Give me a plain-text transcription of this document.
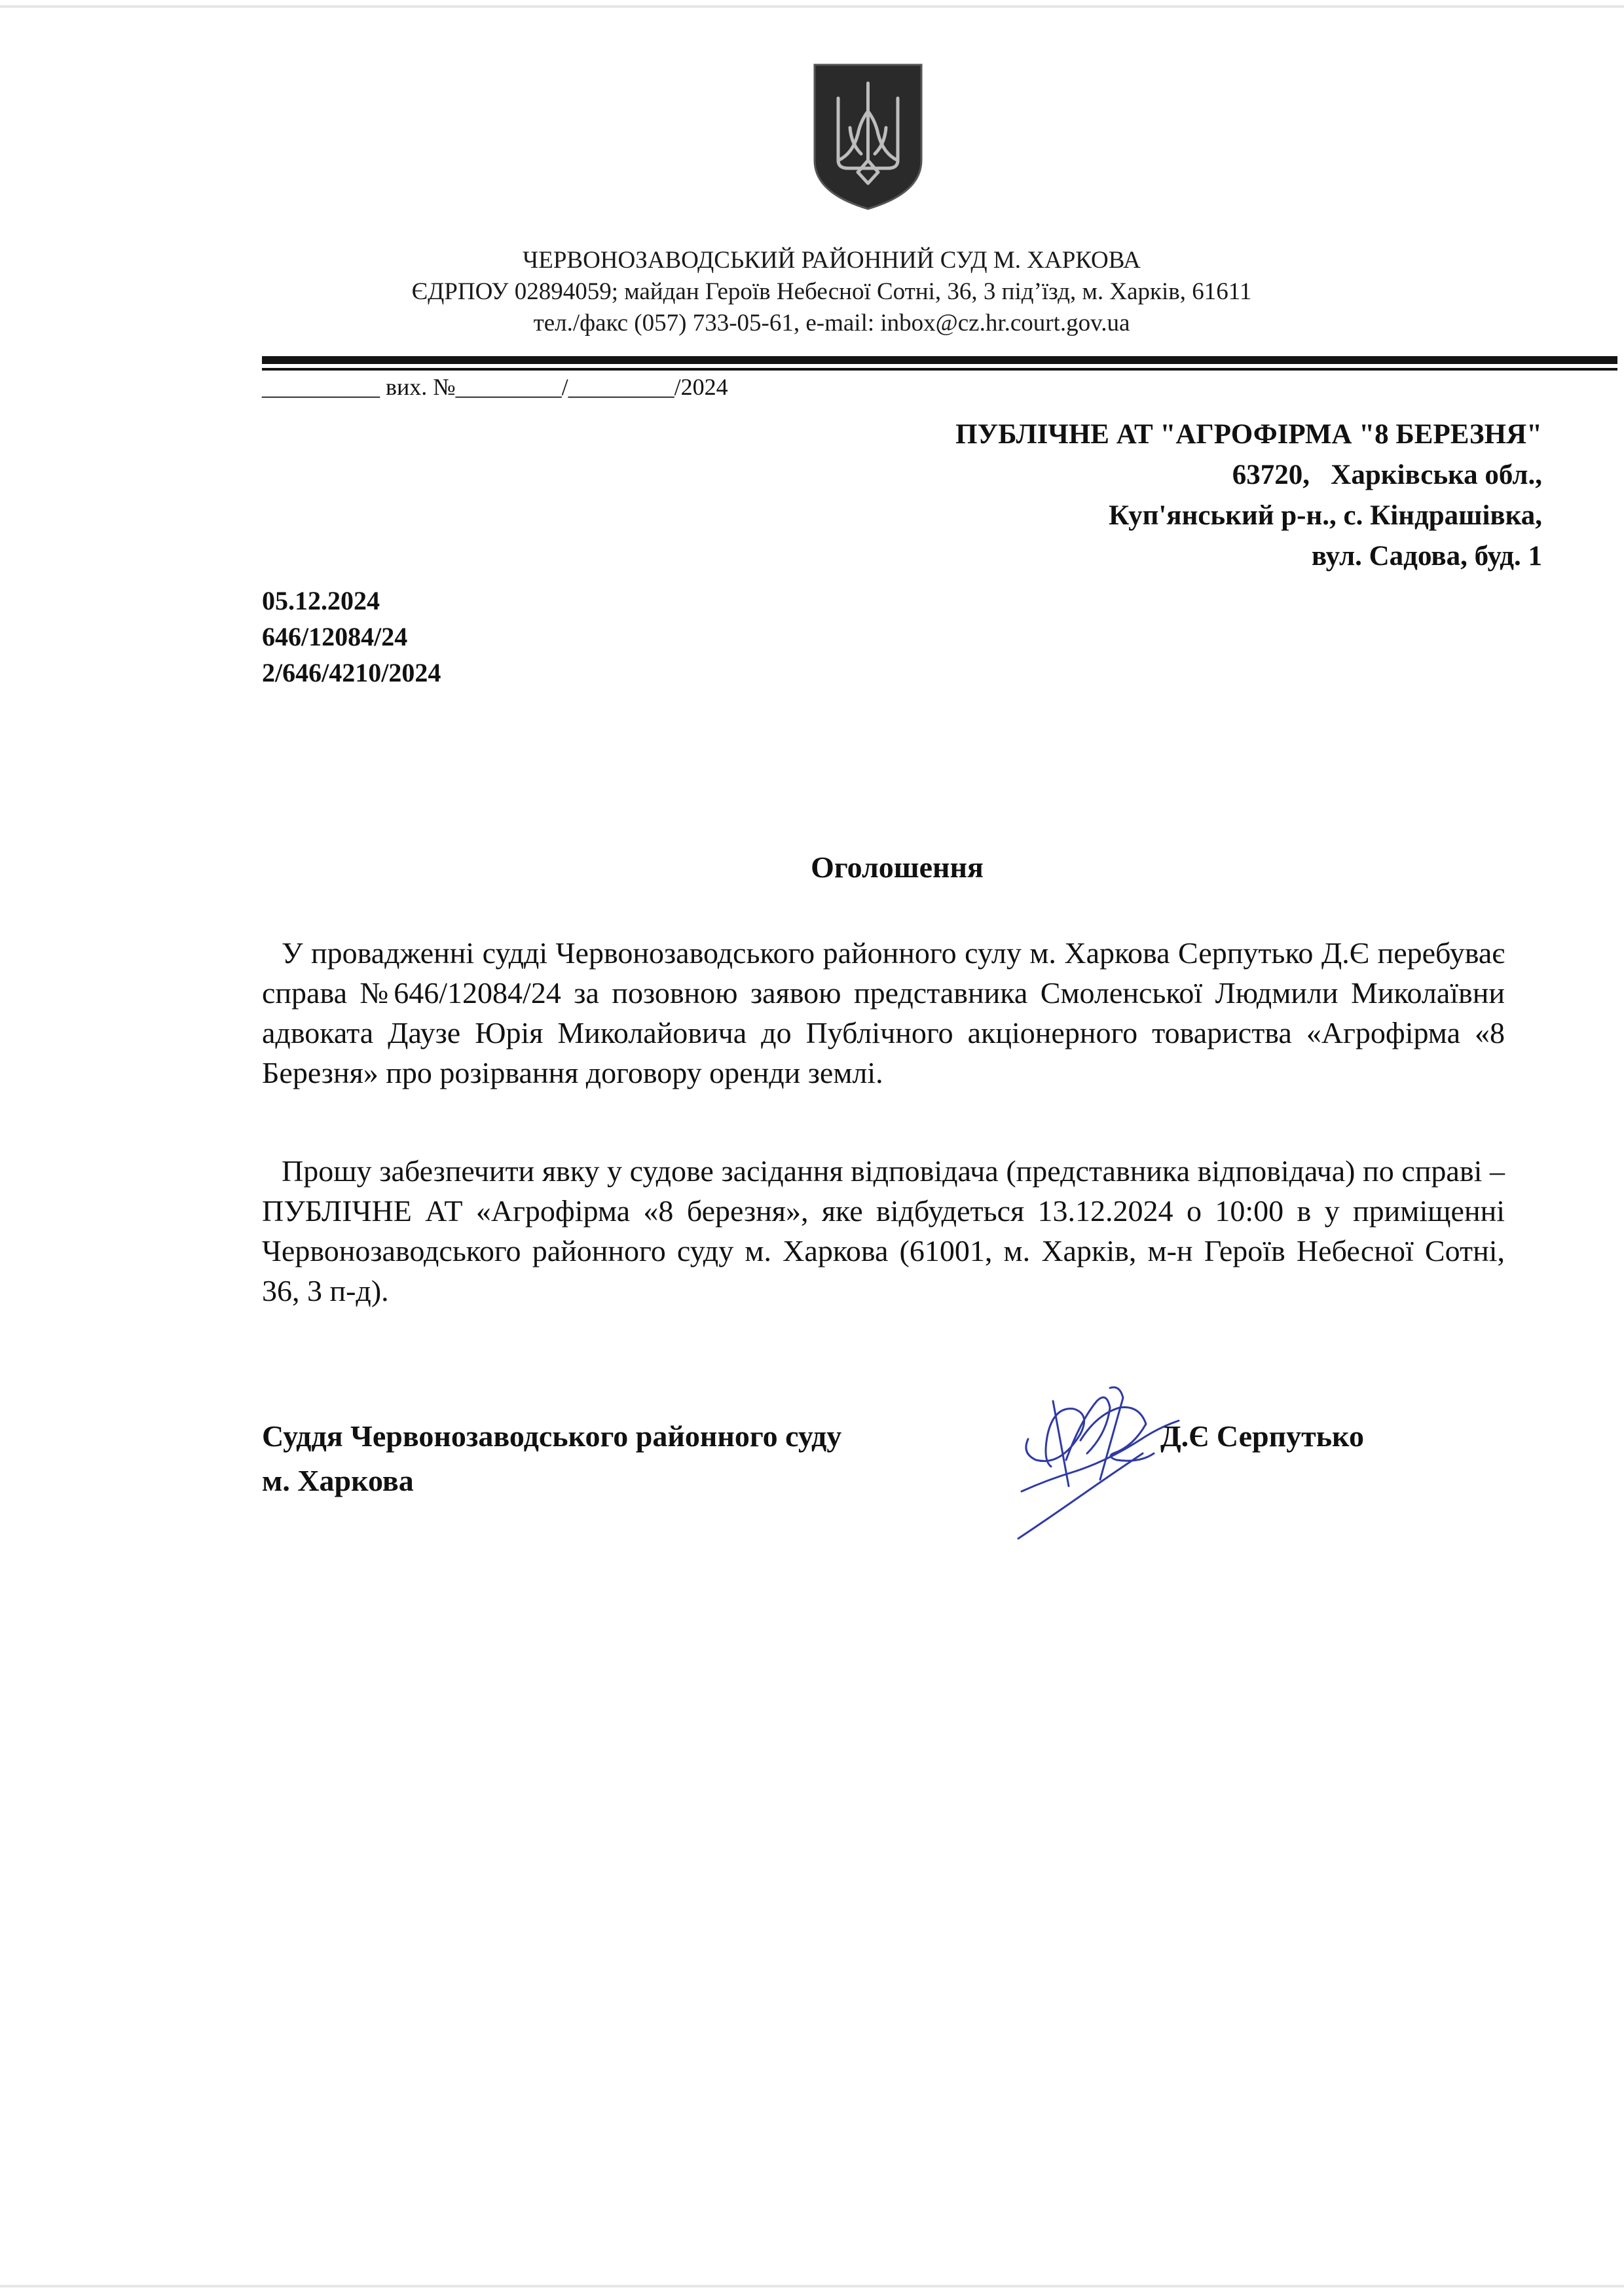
ЧЕРВОНОЗАВОДСЬКИЙ РАЙОННИЙ СУД М. ХАРКОВА
ЄДРПОУ 02894059; майдан Героїв Небесної Сотні, 36, 3 під’їзд, м. Харків, 61611
тел./факс (057) 733-05-61, e-mail: inbox@cz.hr.court.gov.ua
__________ вих. №_________/_________/2024
ПУБЛІЧНЕ АТ "АГРОФІРМА "8 БЕРЕЗНЯ"
63720,   Харківська обл.,
Куп'янський р-н., с. Кіндрашівка,
вул. Садова, буд. 1
05.12.2024
646/12084/24
2/646/4210/2024
Оголошення

У провадженні судді Червонозаводського районного сулу м. Харкова Серпутько Д.Є перебуває справа №646/12084/24 за позовною заявою представника Смоленської Людмили Миколаївни адвоката Даузе Юрія Миколайовича до Публічного акціонерного товариства «Агрофірма «8 Березня» про розірвання договору оренди землі.

Прошу забезпечити явку у судове засідання відповідача (представника відповідача) по справі – ПУБЛІЧНЕ АТ «Агрофірма «8 березня», яке відбудеться 13.12.2024 о 10:00 в у приміщенні Червонозаводського районного суду м. Харкова (61001, м. Харків, м-н Героїв Небесної Сотні, 36, 3 п-д).

Суддя Червонозаводського районного суду
м. Харкова
Д.Є Серпутько
